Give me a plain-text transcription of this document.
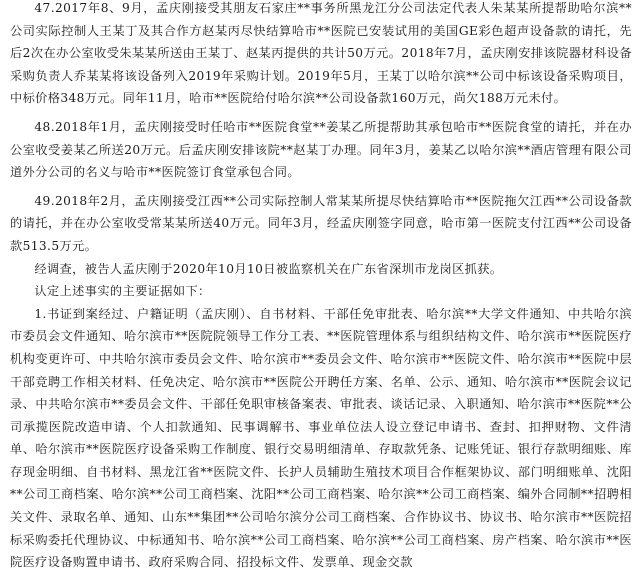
47.2017年8、9月，孟庆刚接受其朋友石家庄**事务所黑龙江分公司法定代表人朱某某所提帮助哈尔滨**公司实际控制人王某丁及其合作方赵某丙尽快结算哈市**医院已安装试用的美国GE彩色超声设备款的请托，先后2次在办公室收受朱某某所送由王某丁、赵某丙提供的共计50万元。2018年7月，孟庆刚安排该院器材科设备采购负责人乔某某将该设备列入2019年采购计划。2019年5月，王某丁以哈尔滨**公司中标该设备采购项目，中标价格348万元。同年11月，哈市**医院给付哈尔滨**公司设备款160万元，尚欠188万元未付。

48.2018年1月，孟庆刚接受时任哈市**医院食堂**姜某乙所提帮助其承包哈市**医院食堂的请托，并在办公室收受姜某乙所送20万元。后孟庆刚安排该院**赵某丁办理。同年3月，姜某乙以哈尔滨**酒店管理有限公司道外分公司的名义与哈市**医院签订食堂承包合同。

49.2018年2月，孟庆刚接受江西**公司实际控制人常某某所提尽快结算哈市**医院拖欠江西**公司设备款的请托，并在办公室收受常某某所送40万元。同年3月，经孟庆刚签字同意，哈市第一医院支付江西**公司设备款513.5万元。

经调查，被告人孟庆刚于2020年10月10日被监察机关在广东省深圳市龙岗区抓获。

认定上述事实的主要证据如下：

1.书证到案经过、户籍证明（孟庆刚）、自书材料、干部任免审批表、哈尔滨**大学文件通知、中共哈尔滨市委员会文件通知、哈尔滨市**医院院领导工作分工表、**医院管理体系与组织结构文件、哈尔滨市**医院医疗机构变更许可、中共哈尔滨市委员会文件、哈尔滨市**委员会文件、哈尔滨市**医院文件、哈尔滨市**医院中层干部竞聘工作相关材料、任免决定、哈尔滨市**医院公开聘任方案、名单、公示、通知、哈尔滨市**医院会议记录、中共哈尔滨市**委员会文件、干部任免职审核备案表、审批表、谈话记录、入职通知、哈尔滨市**医院**公司承揽医院改造申请、个人扣款通知、民事调解书、事业单位法人设立登记申请书、查封、扣押财物、文件清单、哈尔滨市**医院医疗设备采购工作制度、银行交易明细清单、存取款凭条、记账凭证、银行存款明细账、库存现金明细、自书材料、黑龙江省**医院文件、长护人员辅助生殖技术项目合作框架协议、部门明细账单、沈阳**公司工商档案、哈尔滨**公司工商档案、沈阳**公司工商档案、哈尔滨**公司工商档案、编外合同制**招聘相关文件、录取名单、通知、山东**集团**公司哈尔滨分公司工商档案、合作协议书、协议书、哈尔滨市**医院招标采购委托代理协议、中标通知书、哈尔滨**公司工商档案、哈尔滨**公司工商档案、房产档案、哈尔滨市**医院医疗设备购置申请书、政府采购合同、招投标文件、发票单、现金交款
